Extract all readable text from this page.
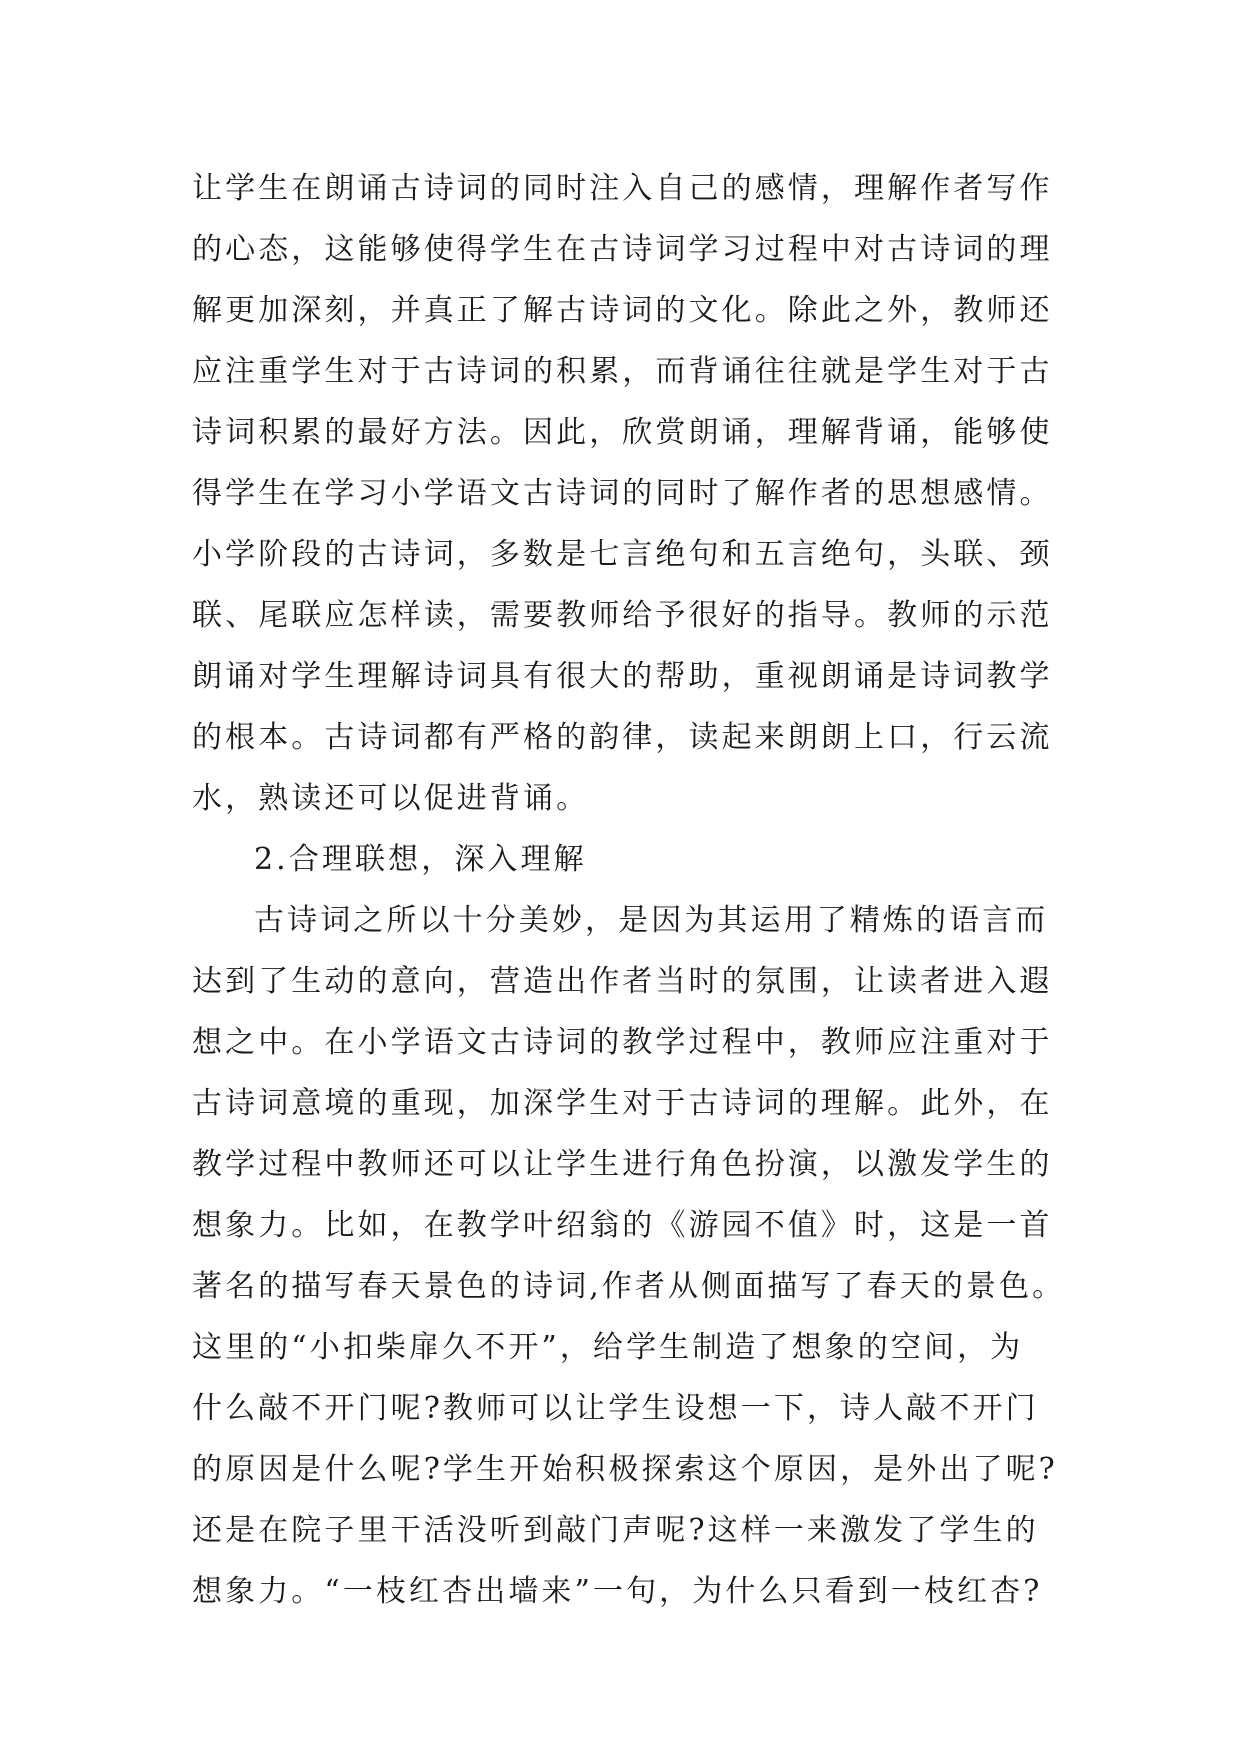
让学生在朗诵古诗词的同时注入自己的感情，理解作者写作
的心态，这能够使得学生在古诗词学习过程中对古诗词的理
解更加深刻，并真正了解古诗词的文化。除此之外，教师还
应注重学生对于古诗词的积累，而背诵往往就是学生对于古
诗词积累的最好方法。因此，欣赏朗诵，理解背诵，能够使
得学生在学习小学语文古诗词的同时了解作者的思想感情。
小学阶段的古诗词，多数是七言绝句和五言绝句，头联、颈
联、尾联应怎样读，需要教师给予很好的指导。教师的示范
朗诵对学生理解诗词具有很大的帮助，重视朗诵是诗词教学
的根本。古诗词都有严格的韵律，读起来朗朗上口，行云流
水，熟读还可以促进背诵。
2.合理联想，深入理解
古诗词之所以十分美妙，是因为其运用了精炼的语言而
达到了生动的意向，营造出作者当时的氛围，让读者进入遐
想之中。在小学语文古诗词的教学过程中，教师应注重对于
古诗词意境的重现，加深学生对于古诗词的理解。此外，在
教学过程中教师还可以让学生进行角色扮演，以激发学生的
想象力。比如，在教学叶绍翁的《游园不值》时，这是一首
著名的描写春天景色的诗词,作者从侧面描写了春天的景色。
这里的“小扣柴扉久不开”，给学生制造了想象的空间，为
什么敲不开门呢?教师可以让学生设想一下，诗人敲不开门
的原因是什么呢?学生开始积极探索这个原因，是外出了呢?
还是在院子里干活没听到敲门声呢?这样一来激发了学生的
想象力。“一枝红杏出墙来”一句，为什么只看到一枝红杏?
